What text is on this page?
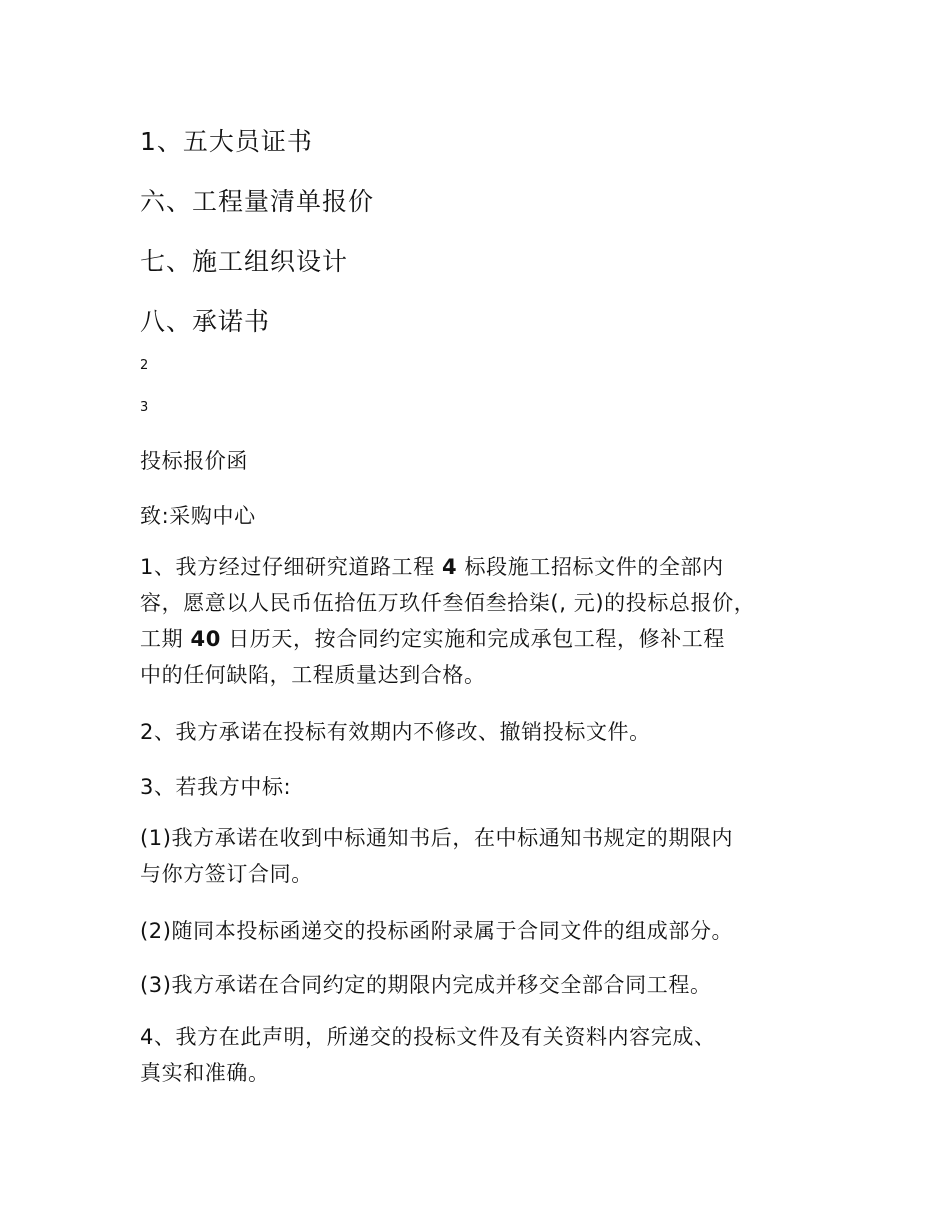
1、五大员证书
六、工程量清单报价
七、施工组织设计
八、承诺书
2
3
投标报价函
致:采购中心
1、我方经过仔细研究道路工程 4 标段施工招标文件的全部内
容，愿意以人民币伍拾伍万玖仟叁佰叁拾柒(, 元)的投标总报价，
工期 40 日历天，按合同约定实施和完成承包工程，修补工程
中的任何缺陷，工程质量达到合格。
2、我方承诺在投标有效期内不修改、撤销投标文件。
3、若我方中标:
(1)我方承诺在收到中标通知书后，在中标通知书规定的期限内
与你方签订合同。
(2)随同本投标函递交的投标函附录属于合同文件的组成部分。
(3)我方承诺在合同约定的期限内完成并移交全部合同工程。
4、我方在此声明，所递交的投标文件及有关资料内容完成、
真实和准确。
